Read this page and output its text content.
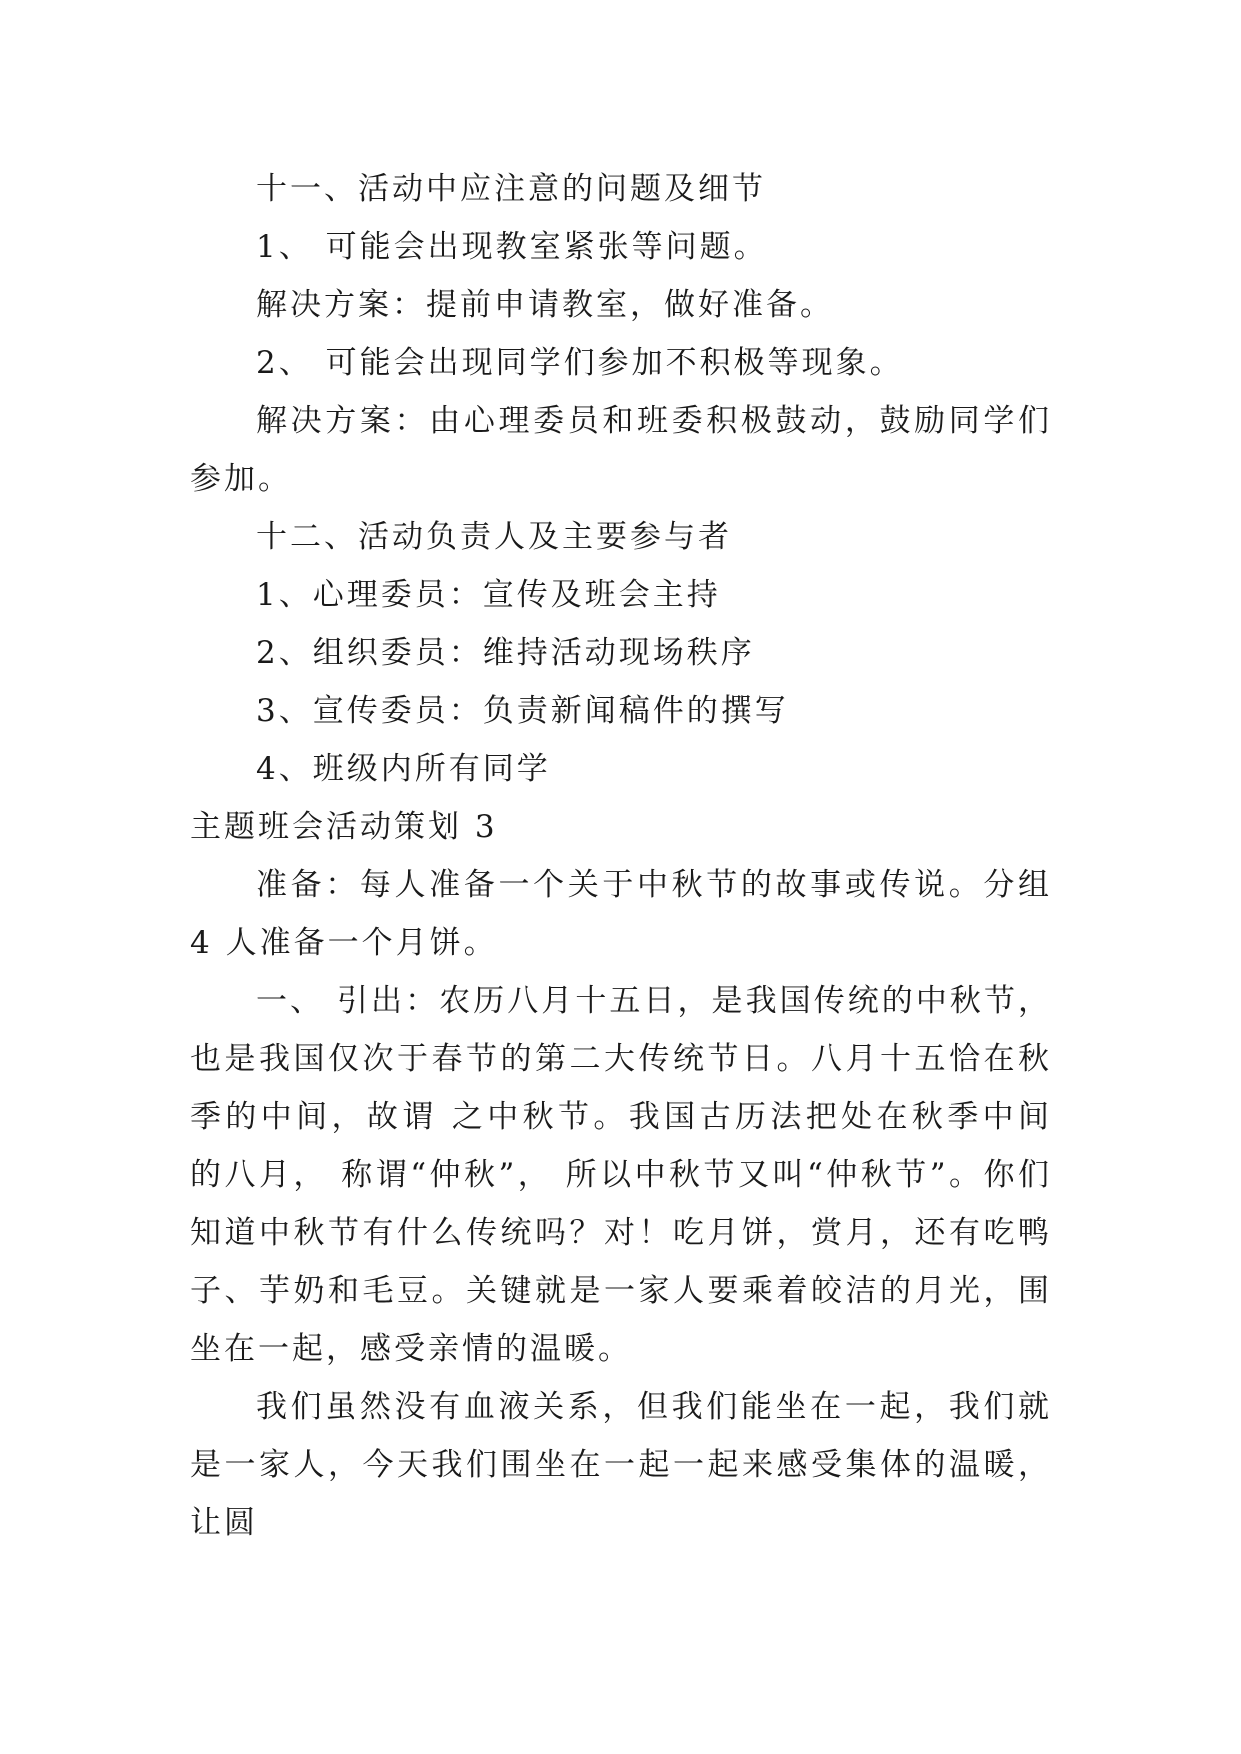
十一、活动中应注意的问题及细节

1、 可能会出现教室紧张等问题。

解决方案：提前申请教室，做好准备。

2、 可能会出现同学们参加不积极等现象。

解决方案：由心理委员和班委积极鼓动，鼓励同学们参加。

十二、活动负责人及主要参与者

1、心理委员：宣传及班会主持

2、组织委员：维持活动现场秩序

3、宣传委员：负责新闻稿件的撰写

4、班级内所有同学

主题班会活动策划 3

准备：每人准备一个关于中秋节的故事或传说。分组 4 人准备一个月饼。

一、 引出：农历八月十五日，是我国传统的中秋节，也是我国仅次于春节的第二大传统节日。八月十五恰在秋季的中间，故谓 之中秋节。我国古历法把处在秋季中间的八月， 称谓“仲秋”， 所以中秋节又叫“仲秋节”。你们知道中秋节有什么传统吗？对！吃月饼，赏月，还有吃鸭子、芋奶和毛豆。关键就是一家人要乘着皎洁的月光，围坐在一起，感受亲情的温暖。

我们虽然没有血液关系，但我们能坐在一起，我们就是一家人，今天我们围坐在一起一起来感受集体的温暖，让圆
